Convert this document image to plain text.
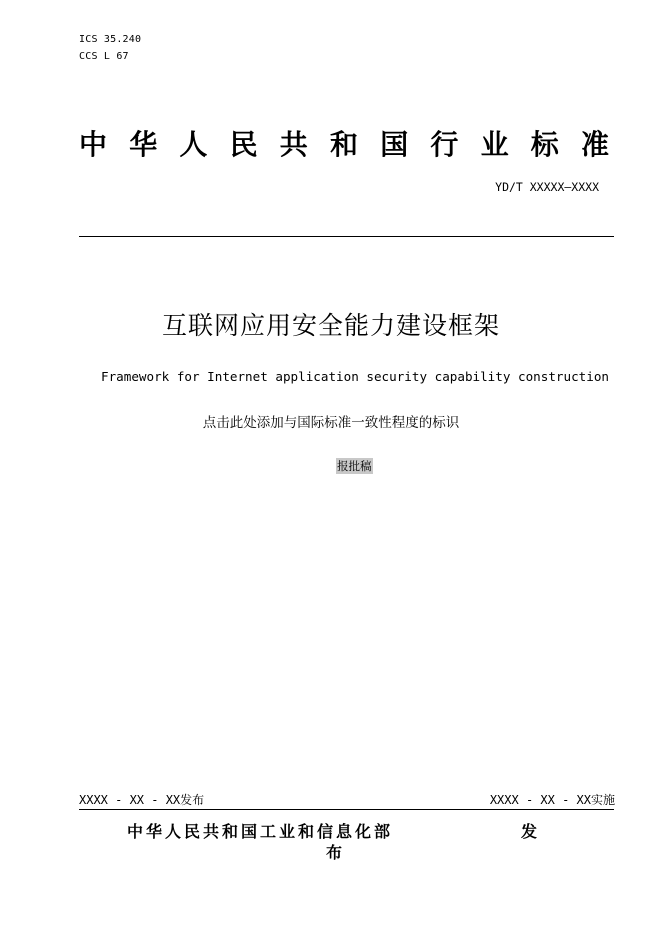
ICS 35.240
CCS L 67
中华人民共和国行业标准
YD/T XXXXX—XXXX
互联网应用安全能力建设框架
Framework for Internet application security capability construction
点击此处添加与国际标准一致性程度的标识
报批稿
XXXX - XX - XX发布	XXXX - XX - XX实施
中华人民共和国工业和信息化部	发
布
